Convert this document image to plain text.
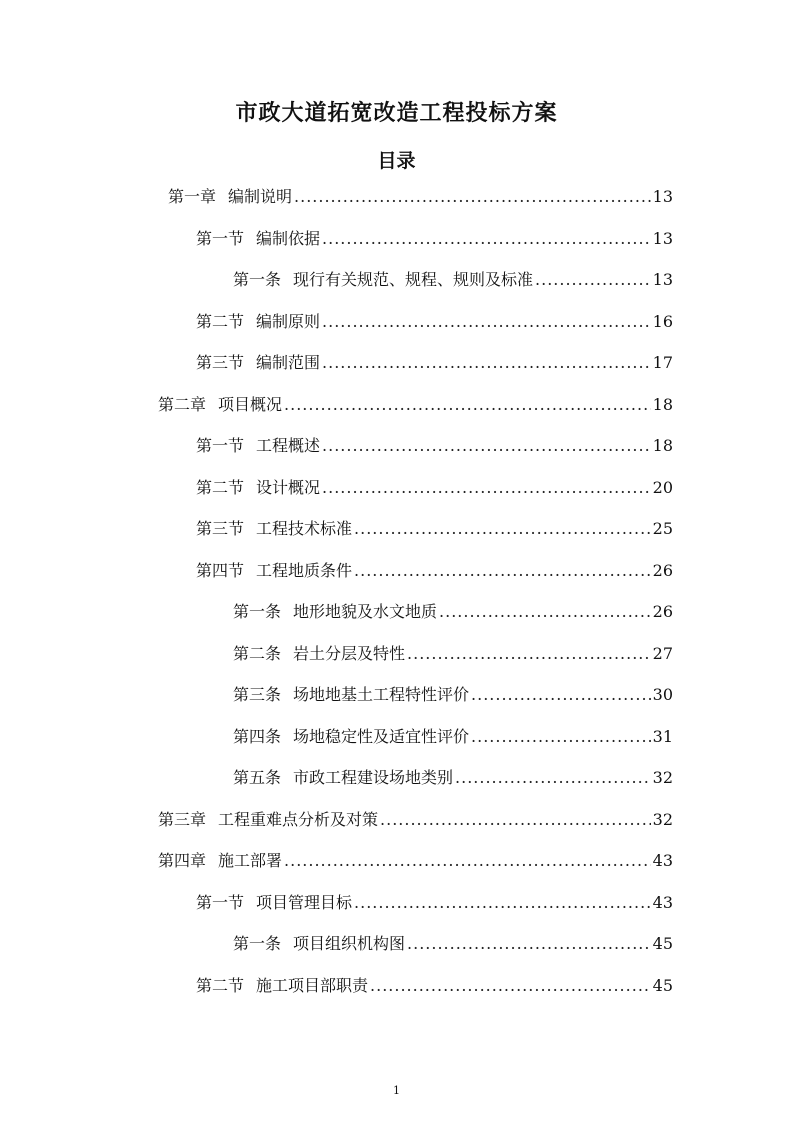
市政大道拓宽改造工程投标方案
目录
第一章 编制说明 .....	13
第一节 编制依据 .....	13
第一条 现行有关规范、规程、规则及标准 .....	13
第二节 编制原则 .....	16
第三节 编制范围 .....	17
第二章 项目概况 .....	18
第一节 工程概述 .....	18
第二节 设计概况 .....	20
第三节 工程技术标准 .....	25
第四节 工程地质条件 .....	26
第一条 地形地貌及水文地质 .....	26
第二条 岩土分层及特性 .....	27
第三条 场地地基土工程特性评价 .....	30
第四条 场地稳定性及适宜性评价 .....	31
第五条 市政工程建设场地类别 .....	32
第三章 工程重难点分析及对策 .....	32
第四章 施工部署 .....	43
第一节 项目管理目标 .....	43
第一条 项目组织机构图 .....	45
第二节 施工项目部职责 .....	45
1
